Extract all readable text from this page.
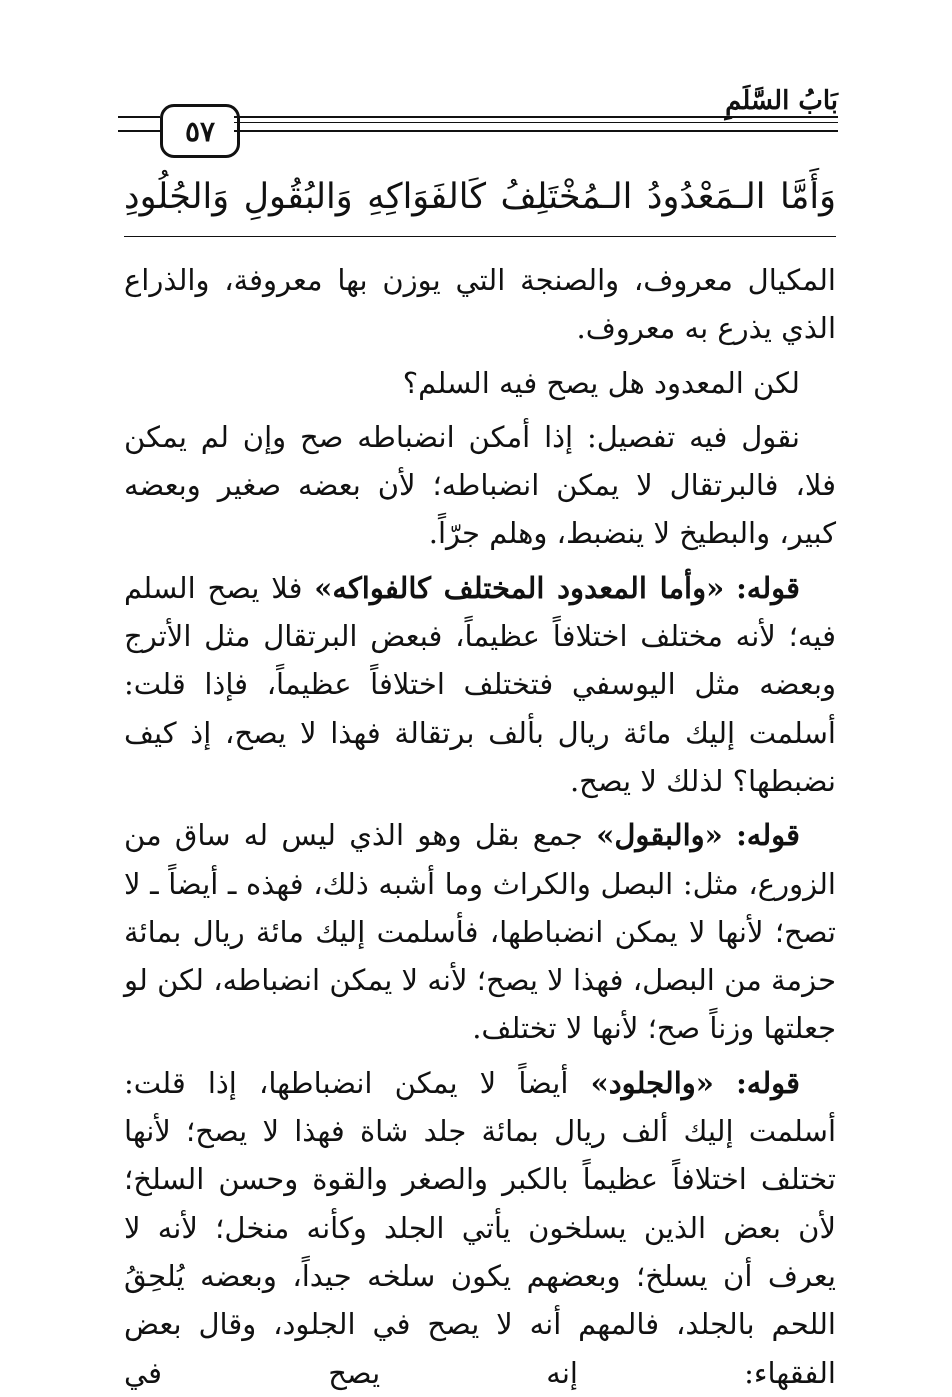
٥٧
بَابُ السَّلَمِ
وَأَمَّا الـمَعْدُودُ الـمُخْتَلِفُ كَالفَوَاكِهِ وَالبُقُولِ وَالجُلُودِ

المكيال معروف، والصنجة التي يوزن بها معروفة، والذراع الذي يذرع به معروف.

لكن المعدود هل يصح فيه السلم؟

نقول فيه تفصيل: إذا أمكن انضباطه صح وإن لم يمكن فلا، فالبرتقال لا يمكن انضباطه؛ لأن بعضه صغير وبعضه كبير، والبطيخ لا ينضبط، وهلم جرّاً.

قوله: «وأما المعدود المختلف كالفواكه» فلا يصح السلم فيه؛ لأنه مختلف اختلافاً عظيماً، فبعض البرتقال مثل الأترج وبعضه مثل اليوسفي فتختلف اختلافاً عظيماً، فإذا قلت: أسلمت إليك مائة ريال بألف برتقالة فهذا لا يصح، إذ كيف نضبطها؟ لذلك لا يصح.

قوله: «والبقول» جمع بقل وهو الذي ليس له ساق من الزورع، مثل: البصل والكراث وما أشبه ذلك، فهذه ـ أيضاً ـ لا تصح؛ لأنها لا يمكن انضباطها، فأسلمت إليك مائة ريال بمائة حزمة من البصل، فهذا لا يصح؛ لأنه لا يمكن انضباطه، لكن لو جعلتها وزناً صح؛ لأنها لا تختلف.

قوله: «والجلود» أيضاً لا يمكن انضباطها، إذا قلت: أسلمت إليك ألف ريال بمائة جلد شاة فهذا لا يصح؛ لأنها تختلف اختلافاً عظيماً بالكبر والصغر والقوة وحسن السلخ؛ لأن بعض الذين يسلخون يأتي الجلد وكأنه منخل؛ لأنه لا يعرف أن يسلخ؛ وبعضهم يكون سلخه جيداً، وبعضه يُلحِقُ اللحم بالجلد، فالمهم أنه لا يصح في الجلود، وقال بعض الفقهاء: إنه يصح في
